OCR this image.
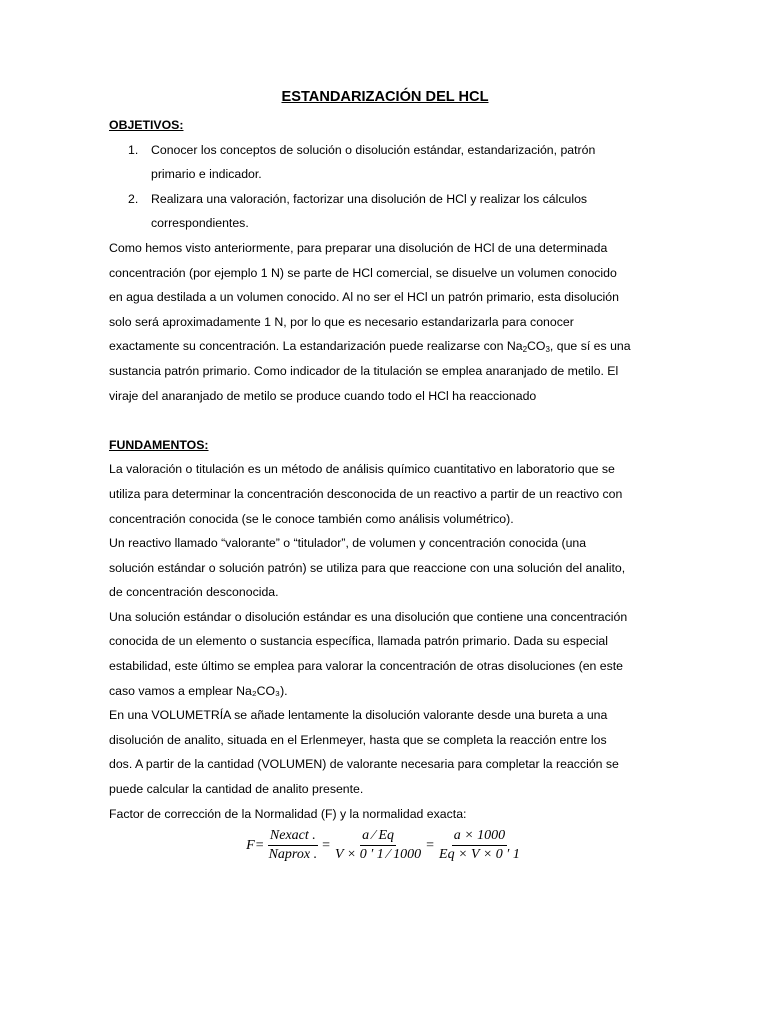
ESTANDARIZACIÓN DEL HCL
OBJETIVOS:
1.	Conocer los conceptos de solución o disolución estándar, estandarización, patrón
primario e indicador.
2.	Realizara una valoración, factorizar una disolución de HCl y realizar los cálculos
correspondientes.
Como hemos visto anteriormente, para preparar una disolución de HCl de una determinada
concentración (por ejemplo 1 N) se parte de HCl comercial, se disuelve un volumen conocido
en agua destilada a un volumen conocido. Al no ser el HCl un patrón primario, esta disolución
solo será aproximadamente 1 N, por lo que es necesario estandarizarla para conocer
exactamente su concentración. La estandarización puede realizarse con $Na_2CO_3$, que sí es una
sustancia patrón primario. Como indicador de la titulación se emplea anaranjado de metilo. El
viraje del anaranjado de metilo se produce cuando todo el HCl ha reaccionado
FUNDAMENTOS:
La valoración o titulación es un método de análisis químico cuantitativo en laboratorio que se
utiliza para determinar la concentración desconocida de un reactivo a partir de un reactivo con
concentración conocida (se le conoce también como análisis volumétrico).
Un reactivo llamado “valorante” o “titulador”, de volumen y concentración conocida (una
solución estándar o solución patrón) se utiliza para que reaccione con una solución del analito,
de concentración desconocida.
Una solución estándar o disolución estándar es una disolución que contiene una concentración
conocida de un elemento o sustancia específica, llamada patrón primario. Dada su especial
estabilidad, este último se emplea para valorar la concentración de otras disoluciones (en este
caso vamos a emplear Na₂CO₃).
En una VOLUMETRÍA se añade lentamente la disolución valorante desde una bureta a una
disolución de analito, situada en el Erlenmeyer, hasta que se completa la reacción entre los
dos. A partir de la cantidad (VOLUMEN) de valorante necesaria para completar la reacción se
puede calcular la cantidad de analito presente.
Factor de corrección de la Normalidad (F) y la normalidad exacta:
$F = \frac{\text{Nexact .}}{\text{Naprox .}} = \frac{a ⁄ Eq}{V \times 0 ' 1 ⁄ 1000} = \frac{a \times 1000}{Eq \times V \times 0 ' 1}$
